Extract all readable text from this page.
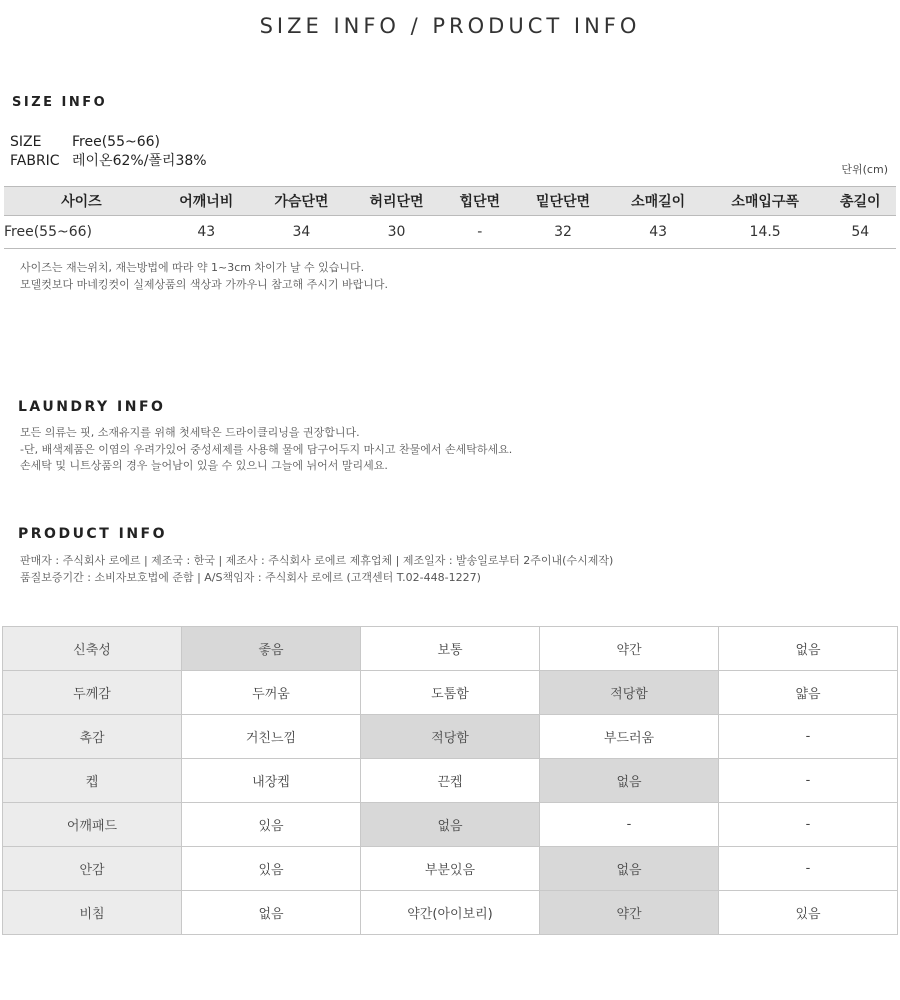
SIZE INFO / PRODUCT INFO
SIZE INFO
SIZE Free(55~66)
FABRIC 레이온62%/폴리38%
단위(cm)
사이즈	어깨너비	가슴단면	허리단면	힙단면	밑단단면	소매길이	소매입구폭	총길이
Free(55~66)	43	34	30	-	32	43	14.5	54
사이즈는 재는위치, 재는방법에 따라 약 1~3cm 차이가 날 수 있습니다.
모델컷보다 마네킹컷이 실제상품의 색상과 가까우니 참고해 주시기 바랍니다.
LAUNDRY INFO
모든 의류는 핏, 소재유지를 위해 첫세탁은 드라이클리닝을 권장합니다.
-단, 배색제품은 이염의 우려가있어 중성세제를 사용해 물에 담구어두지 마시고 찬물에서 손세탁하세요.
손세탁 및 니트상품의 경우 늘어남이 있을 수 있으니 그늘에 뉘어서 말리세요.
PRODUCT INFO
판매자 : 주식회사 로에르 | 제조국 : 한국 | 제조사 : 주식회사 로에르 제휴업체 | 제조일자 : 발송일로부터 2주이내(수시제작)
품질보증기간 : 소비자보호법에 준함 | A/S책임자 : 주식회사 로에르 (고객센터 T.02-448-1227)
신축성	좋음	보통	약간	없음
두께감	두꺼움	도톰함	적당함	얇음
촉감	거친느낌	적당함	부드러움	-
켑	내장켑	끈켑	없음	-
어깨패드	있음	없음	-	-
안감	있음	부분있음	없음	-
비침	없음	약간(아이보리)	약간	있음
